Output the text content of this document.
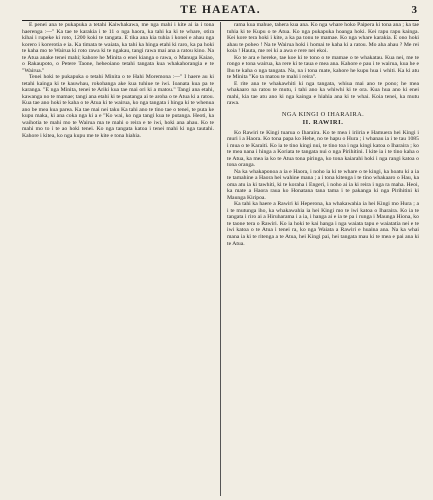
TE HAEATA.	3

E penei ana te pukapuka a tetahi Kaiwhakawa, me nga mahi i kite ai ia i tona haerenga :—" Ka tae te karakia i te 11 o nga haora, ka tahi ka ki te whare, otira kihai i rupeke ki roto, 1200 koki te tangata. E tika ana kia tuhia i konei e ahau nga korero i korerotia e ia. Ka timata te waiata, ka tahi ka hinga etahi ki raro, ka pa hoki te kaha mo te Wairua ki roto rawa ki te ngakau, tangi rawa mai ana a ratou kino. Na te Atua anake tenei mahi; kahore he Minita o enei kianga o rawa, o Manuga Kaiao, o Rakaupoto, o Petere Taone, heheoiano tetahi tangata kua whakahorangia e te "Wairua."

Tenei hoki te pukapuka o tetahi Minita o te Hahi Moremona :—" I haere au ki tetahi kainga ki te kauwhau, rokohanga ake kua tuhiue te iwi. Ioanata kua pa te karanga. "E nga Minita, tenei te Ariki kua tae mai ori ki a matou." Tangi ana etahi, kawanga no te mamae; tangi ana etahi ki te puatanga ai te aroha o te Atua ki a ratou. Kua tae ano hoki te kaha o te Atua ki te wairua, ko nga tangata i hinga ki te whenua ano be mea kua parea. Ka tae mai nei taku Ka tahi ano te tino tae o tenei, te puta ke kupu maka, ki ana coka nga ki a e "Ko wai, ko nga tangi kua te putanga. Heoti, ka waihotia te mahi mo te Wairua ma te mahi o reira e te iwi, hoki ana ahau. Ko te mahi mo to i te ao hoki tenei. Ko nga tangata katoa i tenei mahi ki nga tautahi. Kahore i kitea, ko nga kupu me te kite e tona hiahia.

rama kua mahue, tahera kua ana. Ko nga whare hoko Paipera ki tona ana ; ka tae tuhia ki te Kupu o te Atua. Ko nga pukapuka hoanga hoki. Kei rapu rapu kainga. Kei kore tera hoki i kite, a ka pa tonu te mamae. Ko nga whare karakia. E ono hoki ahau te poheo ! Na te Wairua hoki i homai te kaha ki a ratou. Mo aha ahau ? Me rei koia ! Hauta, me rei ki a awa e rere nei ekoi.

Ko te ara e hereke, tae koe ki te tono o te mamae o te whakatau. Kua nei, me te rongo e tona wairua, ka rere ki te taua e mea ana. Kahore e pau i te wairua, kua he e Ihu te kaha o nga tangata. Na, na i tona mate, kahore he kupu hua i whiti. Ka ki atu te Minita "Ko ta matou te mahi i reira".

E rite ana te whakawhiti ki nga tangata, whiua mai ano te pono; he mea whakaaro na ratou te mutu, i tahi ano ka whiwhi ki te ora. Kua hua ano ki enei mahi, kia tae atu ano ki nga kainga e hiahia ana ki te whai. Koia tenei, ka mutu rawa.

NGA KINGI O IHARAIRA.
II. RAWIRI.

Ko Rawiri te Kingi tuarua o Iharaira. Ko te mea i iriiria e Hamuera hei Kingi i muri i a Haora. Ko tona papa ko Hehe, no te hapu o Hura ; i whanau ia i te tau 1085 i mua o te Karaiti. Ko ia te tino kingi nui, te tino toa i nga kingi katoa o Iharaira ; ko te mea nana i hinga a Koriata te tangata nui o nga Pirihitini. I kite ia i te tino kaha o te Atua, ka mea ia ko te Atua tona piringa, ko tona kaiarahi hoki i nga rangi katoa o tona oranga.

Na ka whakaponoa a ia e Haora, i noho ia ki te whare o te kingi, ka hoatu ki a ia te tamahine a Haora hei wahine mana ; a i tona kitenga i te tino whakaaro o Hau, ka oma atu ia ki tawhiti, ki te koraha i Engeri, i noho ai ia ki reira i nga ra maha. Heoi, ka mate a Haora raua ko Honatana tana tama i te pakanga ki nga Pirihitini ki Maunga Kiripoa.

Ka tahi ka haere a Rawiri ki Heperona, ka whakawahia ia hei Kingi mo Hura ; a i te mutunga iho, ka whakawahia ia hei Kingi mo te iwi katoa o Iharaira. Ko ia te tangata i riro ai a Hiruharama i a ia, i hanga ai e ia te pa i runga i Maunga Hiona, ko te taone tera o Rawiri. Ko ia hoki te kai hanga i nga waiata tapu e waiatatia nei e te iwi katoa o te Atua i tenei ra, ko nga Waiata a Rawiri e huaina ana. Na ka whai mana ia ki te ritenga a te Atua, hei Kingi pai, hei tangata mau ki te mea e pai ana ki te Atua.
